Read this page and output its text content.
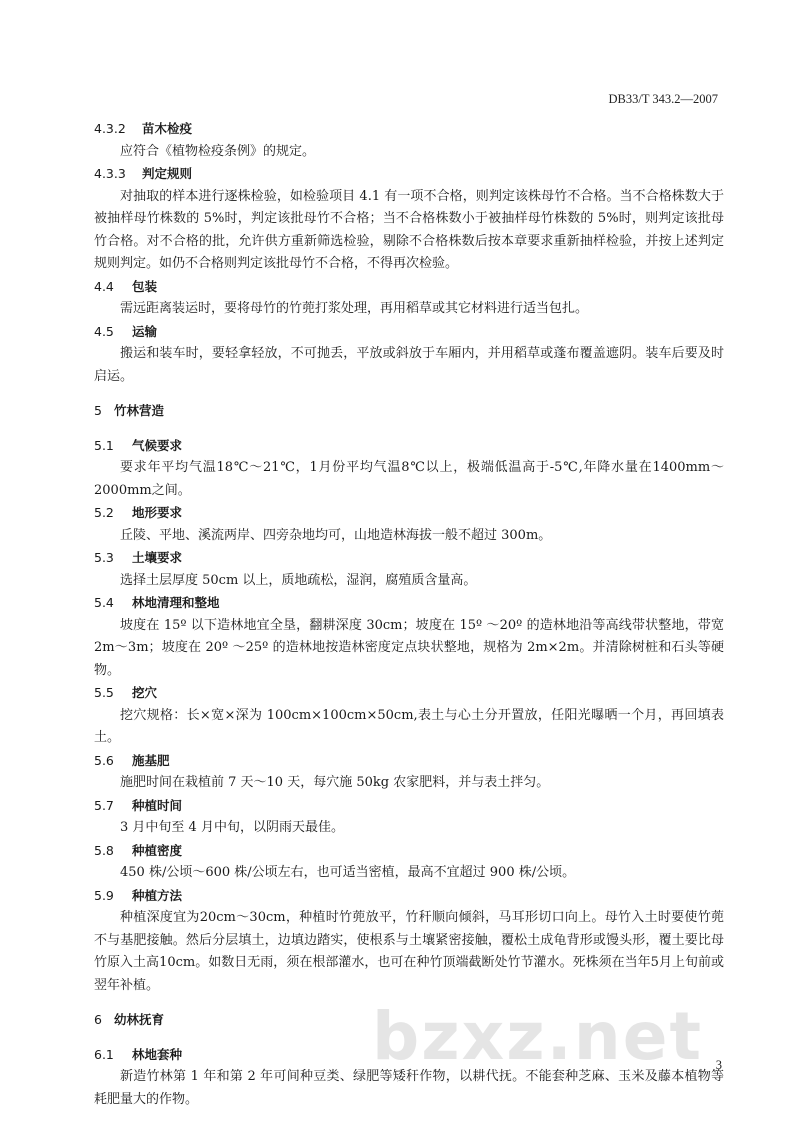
DB33/T 343.2—2007
4.3.2 苗木检疫
应符合《植物检疫条例》的规定。
4.3.3 判定规则
对抽取的样本进行逐株检验，如检验项目 4.1 有一项不合格，则判定该株母竹不合格。当不合格株数大于被抽样母竹株数的 5%时，判定该批母竹不合格；当不合格株数小于被抽样母竹株数的 5%时，则判定该批母竹合格。对不合格的批，允许供方重新筛选检验，剔除不合格株数后按本章要求重新抽样检验，并按上述判定规则判定。如仍不合格则判定该批母竹不合格，不得再次检验。
4.4 包装
需远距离装运时，要将母竹的竹蔸打浆处理，再用稻草或其它材料进行适当包扎。
4.5 运输
搬运和装车时，要轻拿轻放，不可抛丢，平放或斜放于车厢内，并用稻草或蓬布覆盖遮阴。装车后要及时启运。
5 竹林营造
5.1 气候要求
要求年平均气温18℃～21℃，1月份平均气温8℃以上，极端低温高于-5℃,年降水量在1400mm～2000mm之间。
5.2 地形要求
丘陵、平地、溪流两岸、四旁杂地均可，山地造林海拔一般不超过 300m。
5.3 土壤要求
选择土层厚度 50cm 以上，质地疏松，湿润，腐殖质含量高。
5.4 林地清理和整地
坡度在 15º 以下造林地宜全垦，翻耕深度 30cm；坡度在 15º ～20º 的造林地沿等高线带状整地，带宽 2m～3m；坡度在 20º ～25º 的造林地按造林密度定点块状整地，规格为 2m×2m。并清除树桩和石头等硬物。
5.5 挖穴
挖穴规格：长×宽×深为 100cm×100cm×50cm,表土与心土分开置放，任阳光曝晒一个月，再回填表土。
5.6 施基肥
施肥时间在栽植前 7 天～10 天，每穴施 50kg 农家肥料，并与表土拌匀。
5.7 种植时间
3 月中旬至 4 月中旬，以阴雨天最佳。
5.8 种植密度
450 株/公顷～600 株/公顷左右，也可适当密植，最高不宜超过 900 株/公顷。
5.9 种植方法
种植深度宜为20cm～30cm，种植时竹蔸放平，竹秆顺向倾斜，马耳形切口向上。母竹入土时要使竹蔸不与基肥接触。然后分层填土，边填边踏实，使根系与土壤紧密接触，覆松土成龟背形或馒头形，覆土要比母竹原入土高10cm。如数日无雨，须在根部灌水，也可在种竹顶端截断处竹节灌水。死株须在当年5月上旬前或翌年补植。
6 幼林抚育
6.1 林地套种
新造竹林第 1 年和第 2 年可间种豆类、绿肥等矮秆作物，以耕代抚。不能套种芝麻、玉米及藤本植物等耗肥量大的作物。
bzxz.net 3
